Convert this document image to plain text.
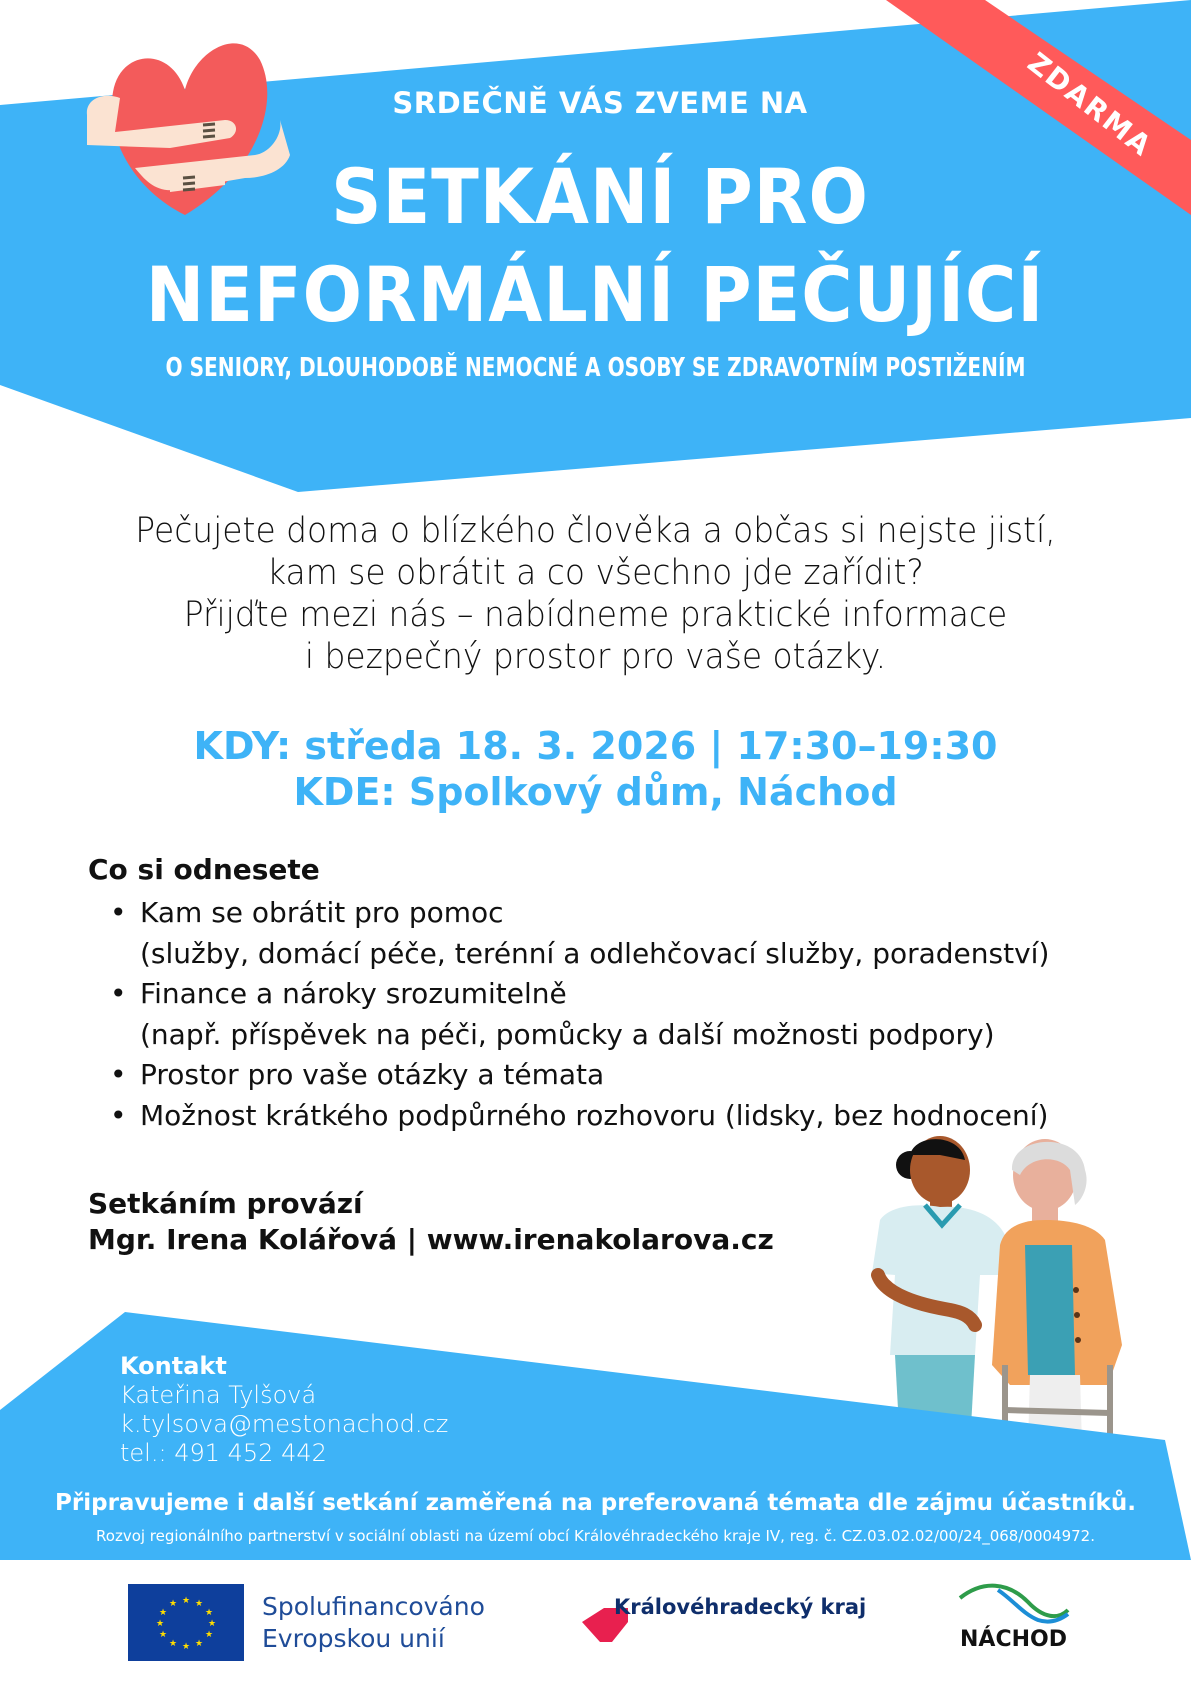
ZDARMA
SRDEČNĚ VÁS ZVEME NA
SETKÁNÍ PRO
NEFORMÁLNÍ PEČUJÍCÍ
O SENIORY, DLOUHODOBĚ NEMOCNÉ A OSOBY SE ZDRAVOTNÍM POSTIŽENÍM
Pečujete doma o blízkého člověka a občas si nejste jistí,
kam se obrátit a co všechno jde zařídit?
Přijďte mezi nás – nabídneme praktické informace
i bezpečný prostor pro vaše otázky.
KDY: středa 18. 3. 2026 | 17:30–19:30
KDE: Spolkový dům, Náchod
Co si odnesete
• Kam se obrátit pro pomoc
(služby, domácí péče, terénní a odlehčovací služby, poradenství)
• Finance a nároky srozumitelně
(např. příspěvek na péči, pomůcky a další možnosti podpory)
• Prostor pro vaše otázky a témata
• Možnost krátkého podpůrného rozhovoru (lidsky, bez hodnocení)
Setkáním provází
Mgr. Irena Kolářová | www.irenakolarova.cz
Kontakt
Kateřina Tylšová
k.tylsova@mestonachod.cz
tel.: 491 452 442
Připravujeme i další setkání zaměřená na preferovaná témata dle zájmu účastníků.
Rozvoj regionálního partnerství v sociální oblasti na území obcí Královéhradeckého kraje IV, reg. č. CZ.03.02.02/00/24_068/0004972.
★ ★
★
★
★
★
★
★
★
★
★
★	Spolufinancováno
Evropskou unií
Královéhradecký kraj
NÁCHOD
